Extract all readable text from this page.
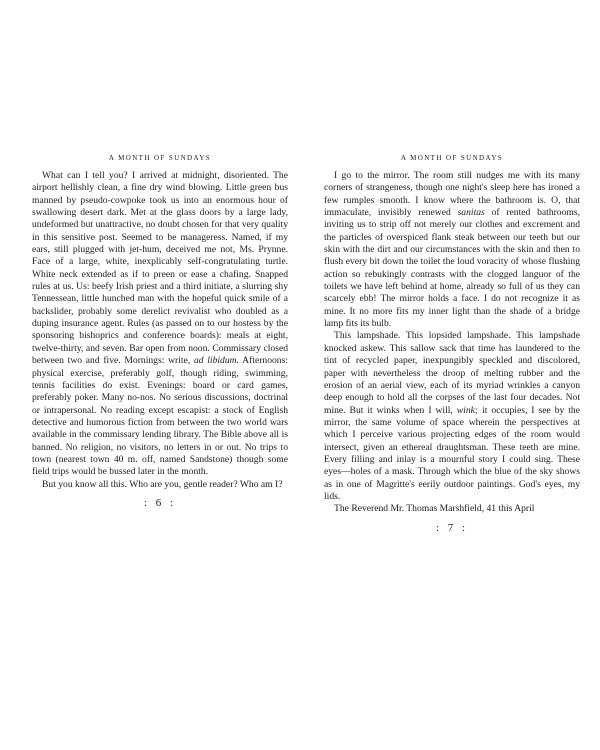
A MONTH OF SUNDAYS

What can I tell you? I arrived at midnight, disoriented. The airport hellishly clean, a fine dry wind blowing. Little green bus manned by pseudo-cowpoke took us into an enormous hour of swallowing desert dark. Met at the glass doors by a large lady, undeformed but unattractive, no doubt chosen for that very quality in this sensitive post. Seemed to be manageress. Named, if my ears, still plugged with jet-hum, deceived me not, Ms. Prynne. Face of a large, white, inexplicably self-congratulating turtle. White neck extended as if to preen or ease a chafing. Snapped rules at us. Us: beefy Irish priest and a third initiate, a slurring shy Tennessean, little hunched man with the hopeful quick smile of a backslider, probably some derelict revivalist who doubled as a duping insurance agent. Rules (as passed on to our hostess by the sponsoring bishoprics and conference boards): meals at eight, twelve-thirty, and seven. Bar open from noon. Commissary closed between two and five. Mornings: write, ad libidum. Afternoons: physical exercise, preferably golf, though riding, swimming, tennis facilities do exist. Evenings: board or card games, preferably poker. Many no-nos. No serious discussions, doctrinal or intrapersonal. No reading except escapist: a stock of English detective and humorous fiction from between the two world wars available in the commissary lending library. The Bible above all is banned. No religion, no visitors, no letters in or out. No trips to town (nearest town 40 m. off, named Sandstone) though some field trips would be bussed later in the month.

But you know all this. Who are you, gentle reader? Who am I?

: 6 :
A MONTH OF SUNDAYS

I go to the mirror. The room still nudges me with its many corners of strangeness, though one night's sleep here has ironed a few rumples smooth. I know where the bathroom is. O, that immaculate, invisibly renewed sanitas of rented bathrooms, inviting us to strip off not merely our clothes and excrement and the particles of overspiced flank steak between our teeth but our skin with the dirt and our circumstances with the skin and then to flush every bit down the toilet the loud voracity of whose flushing action so rebukingly contrasts with the clogged languor of the toilets we have left behind at home, already so full of us they can scarcely ebb! The mirror holds a face. I do not recognize it as mine. It no more fits my inner light than the shade of a bridge lamp fits its bulb.

This lampshade. This lopsided lampshade. This lampshade knocked askew. This sallow sack that time has laundered to the tint of recycled paper, inexpungibly speckled and discolored, paper with nevertheless the droop of melting rubber and the erosion of an aerial view, each of its myriad wrinkles a canyon deep enough to hold all the corpses of the last four decades. Not mine. But it winks when I will, wink; it occupies, I see by the mirror, the same volume of space wherein the perspectives at which I perceive various projecting edges of the room would intersect, given an ethereal draughtsman. These teeth are mine. Every filling and inlay is a mournful story I could sing. These eyes—holes of a mask. Through which the blue of the sky shows as in one of Magritte's eerily outdoor paintings. God's eyes, my lids.

The Reverend Mr. Thomas Marshfield, 41 this April

: 7 :
